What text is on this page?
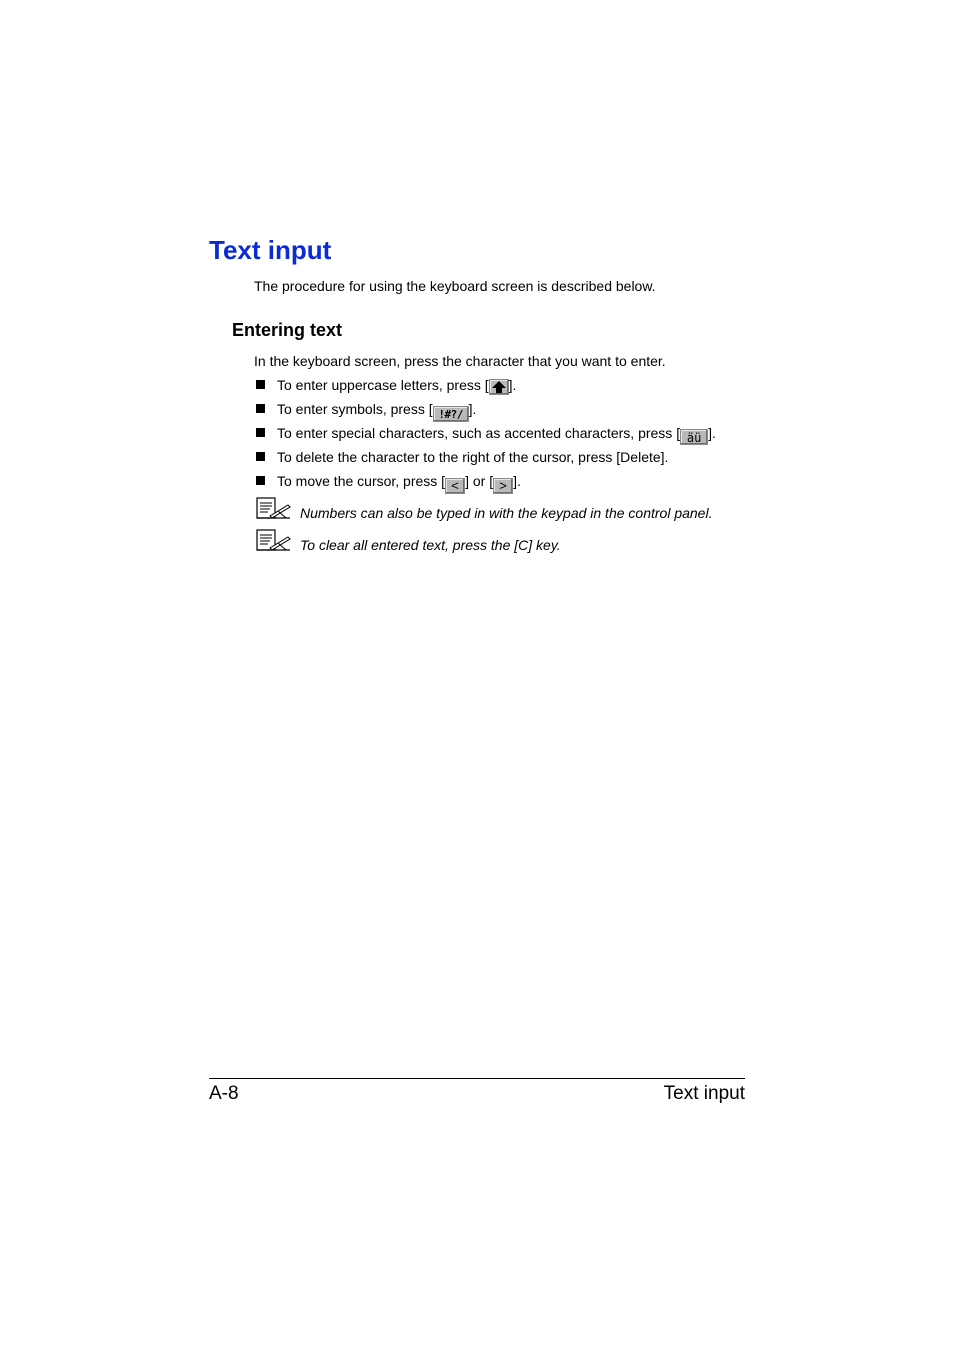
Text input
The procedure for using the keyboard screen is described below.
Entering text
In the keyboard screen, press the character that you want to enter.
To enter uppercase letters, press [ ].
To enter symbols, press [ !#?/ ].
To enter special characters, such as accented characters, press [ äü ].
To delete the character to the right of the cursor, press [Delete].
To move the cursor, press [ < ] or [ > ].
Numbers can also be typed in with the keypad in the control panel.
To clear all entered text, press the [C] key.
A-8	Text input
